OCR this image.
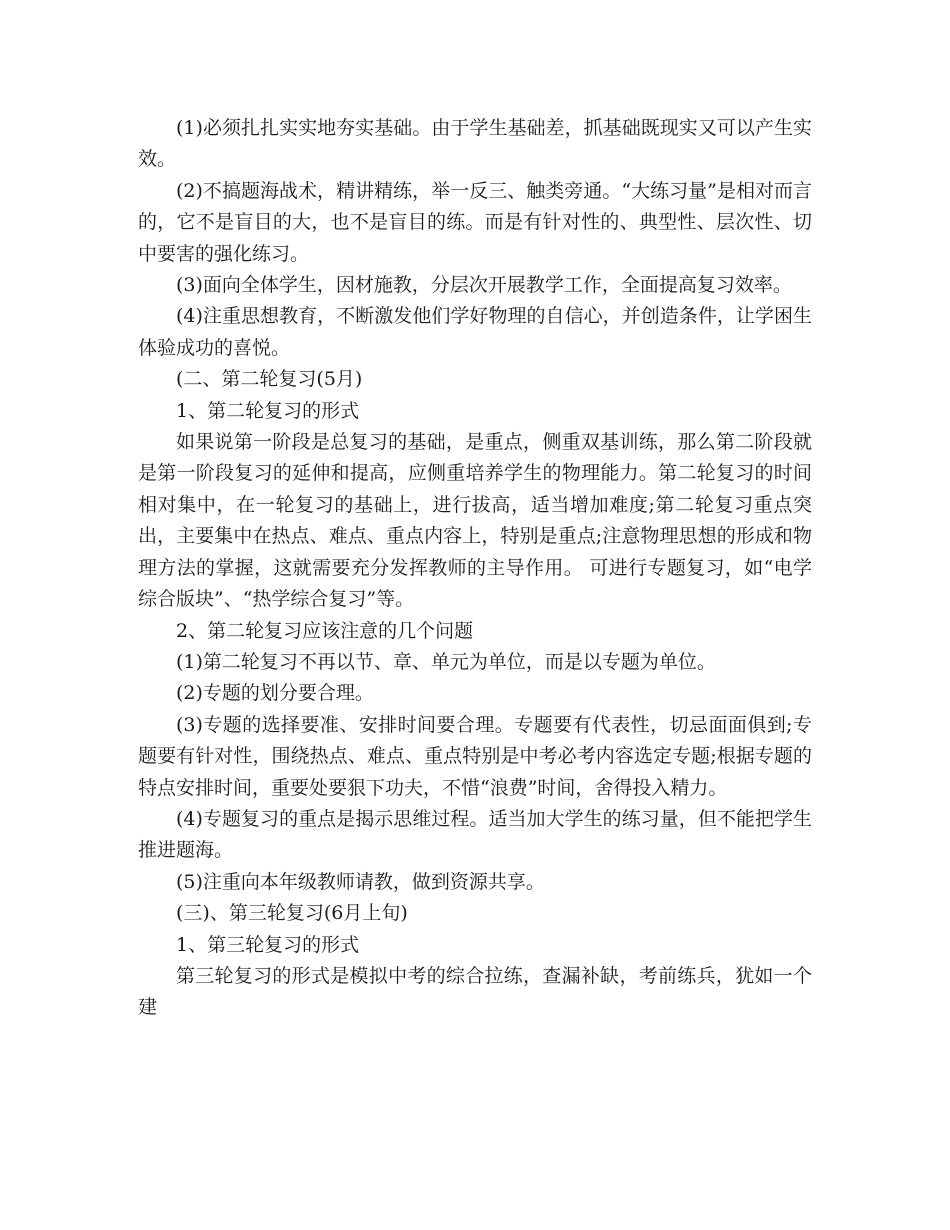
(1)必须扎扎实实地夯实基础。由于学生基础差，抓基础既现实又可以产生实效。

(2)不搞题海战术，精讲精练，举一反三、触类旁通。“大练习量”是相对而言的，它不是盲目的大，也不是盲目的练。而是有针对性的、典型性、层次性、切中要害的强化练习。

(3)面向全体学生，因材施教，分层次开展教学工作，全面提高复习效率。

(4)注重思想教育，不断激发他们学好物理的自信心，并创造条件，让学困生体验成功的喜悦。

(二、第二轮复习(5月)

1、第二轮复习的形式

如果说第一阶段是总复习的基础，是重点，侧重双基训练，那么第二阶段就是第一阶段复习的延伸和提高，应侧重培养学生的物理能力。第二轮复习的时间相对集中，在一轮复习的基础上，进行拔高，适当增加难度;第二轮复习重点突出，主要集中在热点、难点、重点内容上，特别是重点;注意物理思想的形成和物理方法的掌握，这就需要充分发挥教师的主导作用。 可进行专题复习，如“电学综合版块”、“热学综合复习”等。

2、第二轮复习应该注意的几个问题

(1)第二轮复习不再以节、章、单元为单位，而是以专题为单位。

(2)专题的划分要合理。

(3)专题的选择要准、安排时间要合理。专题要有代表性，切忌面面俱到;专题要有针对性，围绕热点、难点、重点特别是中考必考内容选定专题;根据专题的特点安排时间，重要处要狠下功夫，不惜“浪费”时间，舍得投入精力。

(4)专题复习的重点是揭示思维过程。适当加大学生的练习量，但不能把学生推进题海。

(5)注重向本年级教师请教，做到资源共享。

(三)、第三轮复习(6月上旬)

1、第三轮复习的形式

第三轮复习的形式是模拟中考的综合拉练，查漏补缺，考前练兵，犹如一个建
